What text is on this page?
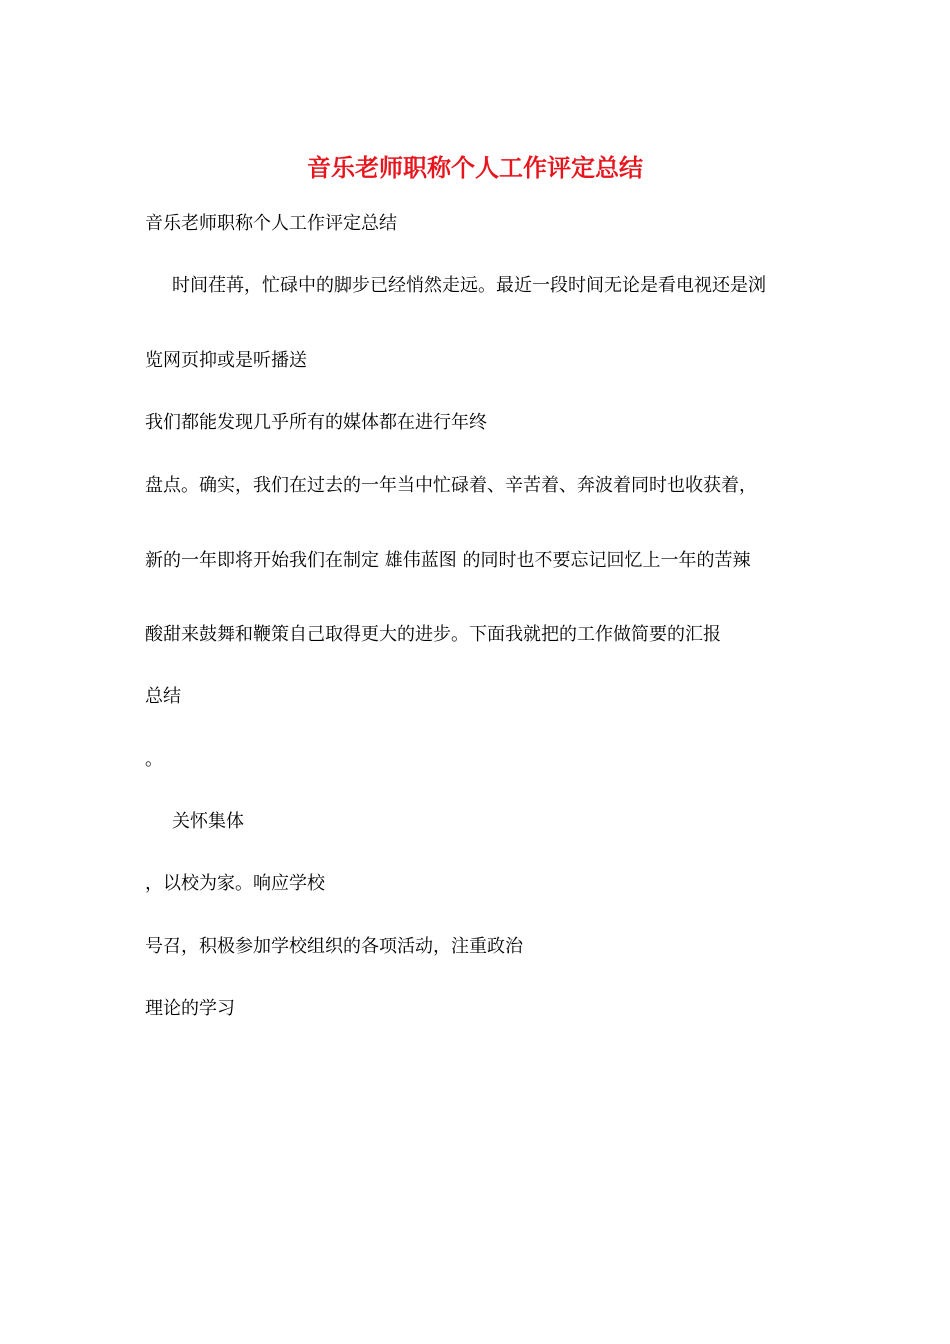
音乐老师职称个人工作评定总结
音乐老师职称个人工作评定总结
时间荏苒，忙碌中的脚步已经悄然走远。最近一段时间无论是看电视还是浏
览网页抑或是听播送
我们都能发现几乎所有的媒体都在进行年终
盘点。确实，我们在过去的一年当中忙碌着、辛苦着、奔波着同时也收获着，
新的一年即将开始我们在制定 雄伟蓝图 的同时也不要忘记回忆上一年的苦辣
酸甜来鼓舞和鞭策自己取得更大的进步。下面我就把的工作做简要的汇报
总结
。
关怀集体
，以校为家。响应学校
号召，积极参加学校组织的各项活动，注重政治
理论的学习
